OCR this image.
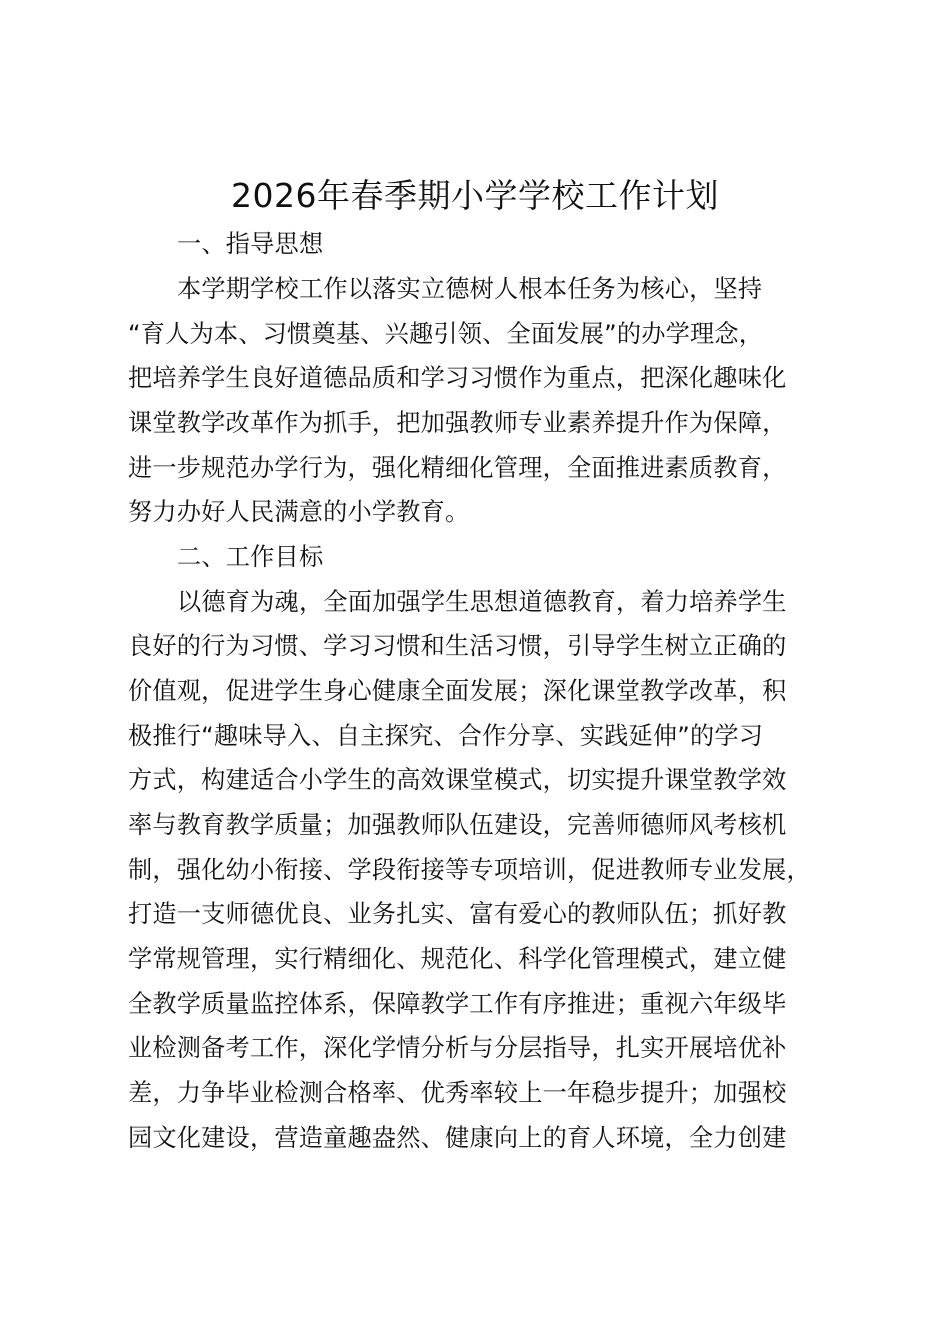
2026年春季期小学学校工作计划
一、指导思想
本学期学校工作以落实立德树人根本任务为核心，坚持
“育人为本、习惯奠基、兴趣引领、全面发展”的办学理念，
把培养学生良好道德品质和学习习惯作为重点，把深化趣味化
课堂教学改革作为抓手，把加强教师专业素养提升作为保障，
进一步规范办学行为，强化精细化管理，全面推进素质教育，
努力办好人民满意的小学教育。
二、工作目标
以德育为魂，全面加强学生思想道德教育，着力培养学生
良好的行为习惯、学习习惯和生活习惯，引导学生树立正确的
价值观，促进学生身心健康全面发展；深化课堂教学改革，积
极推行“趣味导入、自主探究、合作分享、实践延伸”的学习
方式，构建适合小学生的高效课堂模式，切实提升课堂教学效
率与教育教学质量；加强教师队伍建设，完善师德师风考核机
制，强化幼小衔接、学段衔接等专项培训，促进教师专业发展，
打造一支师德优良、业务扎实、富有爱心的教师队伍；抓好教
学常规管理，实行精细化、规范化、科学化管理模式，建立健
全教学质量监控体系，保障教学工作有序推进；重视六年级毕
业检测备考工作，深化学情分析与分层指导，扎实开展培优补
差，力争毕业检测合格率、优秀率较上一年稳步提升；加强校
园文化建设，营造童趣盎然、健康向上的育人环境，全力创建
